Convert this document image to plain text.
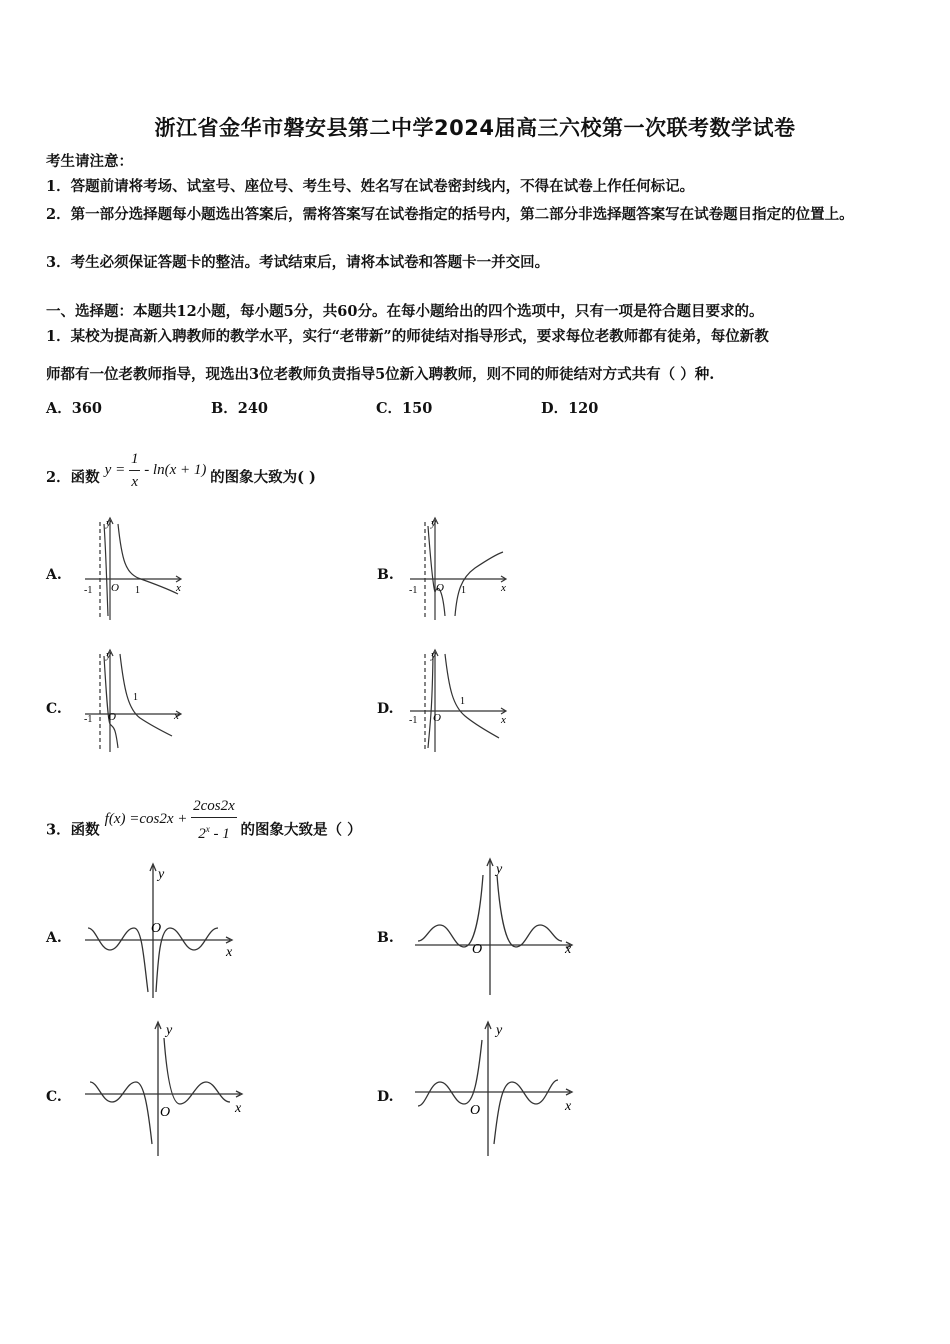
浙江省金华市磐安县第二中学2024届高三六校第一次联考数学试卷
考生请注意：
1．答题前请将考场、试室号、座位号、考生号、姓名写在试卷密封线内，不得在试卷上作任何标记。
2．第一部分选择题每小题选出答案后，需将答案写在试卷指定的括号内，第二部分非选择题答案写在试卷题目指定的位置上。
3．考生必须保证答题卡的整洁。考试结束后，请将本试卷和答题卡一并交回。
一、选择题：本题共12小题，每小题5分，共60分。在每小题给出的四个选项中，只有一项是符合题目要求的。
1．某校为提高新入聘教师的教学水平，实行“老带新”的师徒结对指导形式，要求每位老教师都有徒弟，每位新教
师都有一位老教师指导，现选出3位老教师负责指导5位新入聘教师，则不同的师徒结对方式共有（ ）种.
A．360	B．240	C．150	D．120
2．函数 $y = \frac{1}{x} - \ln(x + 1)$ 的图象大致为( )
A.	B.
C.	D.
y
x
O
-1	1
y
x
O
-1	1
y
x
O
-1
1
y
x
O
-1
1
3．函数 $f(x) =\cos 2x + \frac{2\cos 2x}{2^x - 1}$ 的图象大致是（ ）
A.	B.
C.	D.
y
x
O
y
x
O
y
x
O
y
x
O
